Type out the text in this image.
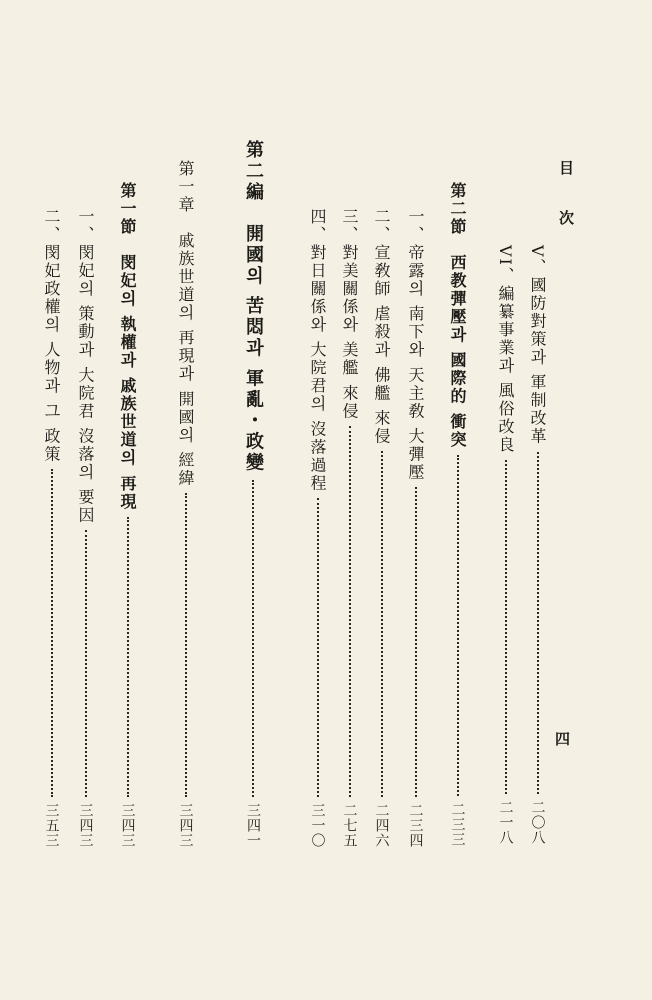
目　次
V、國防對策과 軍制改革
二〇八
VI、編纂事業과 風俗改良
二一八
第二節　西教彈壓과 國際的 衝突
二三三
一、帝露의 南下와 天主敎 大彈壓
二三四
二、宣敎師 虐殺과 佛艦 來侵
二四六
三、對美關係와 美艦 來侵
二七五
四、對日關係와 大院君의 沒落過程
三一〇
第二編　開國의 苦悶과 軍亂・政變
三四一
第一章　戚族世道의 再現과 開國의 經緯
三四三
第一節　閔妃의 執權과 戚族世道의 再現
三四三
一、閔妃의 策動과 大院君 沒落의 要因
三四三
二、閔妃政權의 人物과 그 政策
三五三
四
